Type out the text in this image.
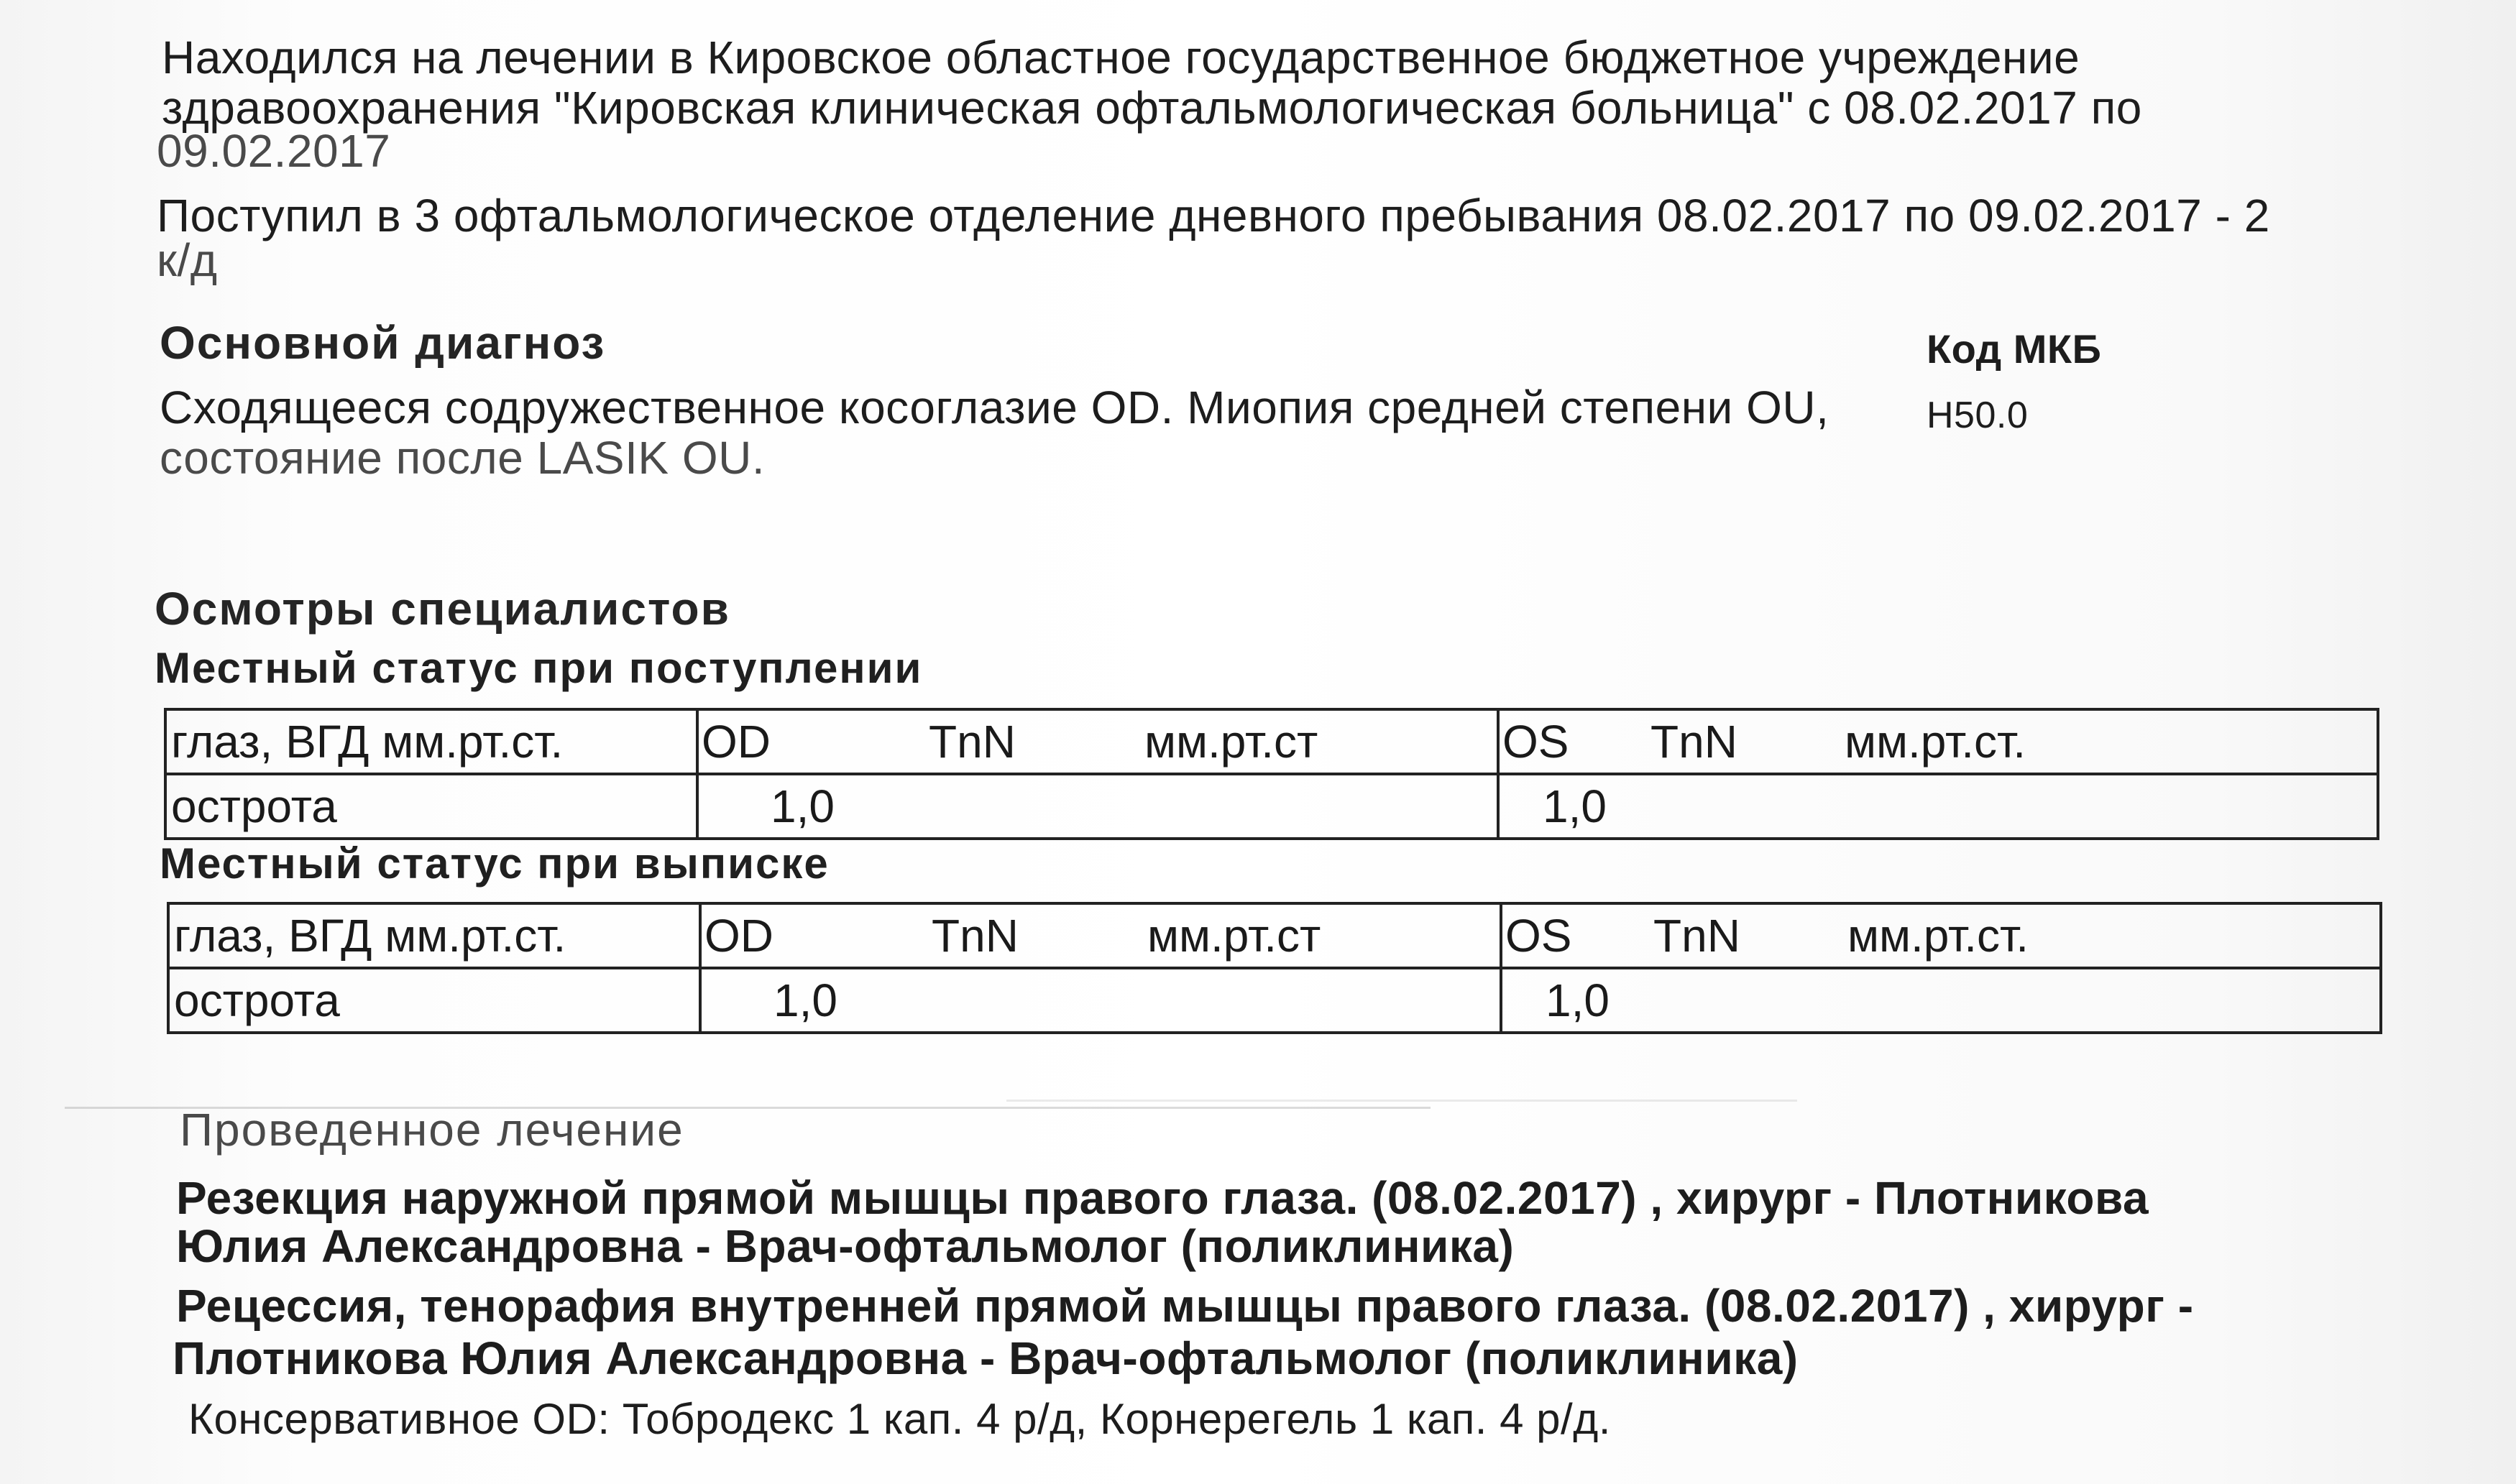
Находился на лечении в Кировское областное государственное бюджетное учреждение
здравоохранения "Кировская клиническая офтальмологическая больница" с 08.02.2017 по
09.02.2017
Поступил в 3 офтальмологическое отделение дневного пребывания 08.02.2017 по 09.02.2017 - 2
к/д
Основной диагноз	Код МКБ
Сходящееся содружественное косоглазие OD. Миопия средней степени OU,	H50.0
состояние после LASIK OU.
Осмотры специалистов
Местный статус при поступлении
глаз, ВГД мм.рт.ст.	OD TnN мм.рт.ст	OS TnN мм.рт.ст.

острота	1,0	1,0
Местный статус при выписке
глаз, ВГД мм.рт.ст.	OD TnN мм.рт.ст	OS TnN мм.рт.ст.

острота	1,0	1,0
Проведенное лечение
Резекция наружной прямой мышцы правого глаза. (08.02.2017) , хирург - Плотникова
Юлия Александровна - Врач-офтальмолог (поликлиника)
Рецессия, тенорафия внутренней прямой мышцы правого глаза. (08.02.2017) , хирург -
Плотникова Юлия Александровна - Врач-офтальмолог (поликлиника)
Консервативное OD: Тобродекс 1 кап. 4 р/д, Корнерегель 1 кап. 4 р/д.
